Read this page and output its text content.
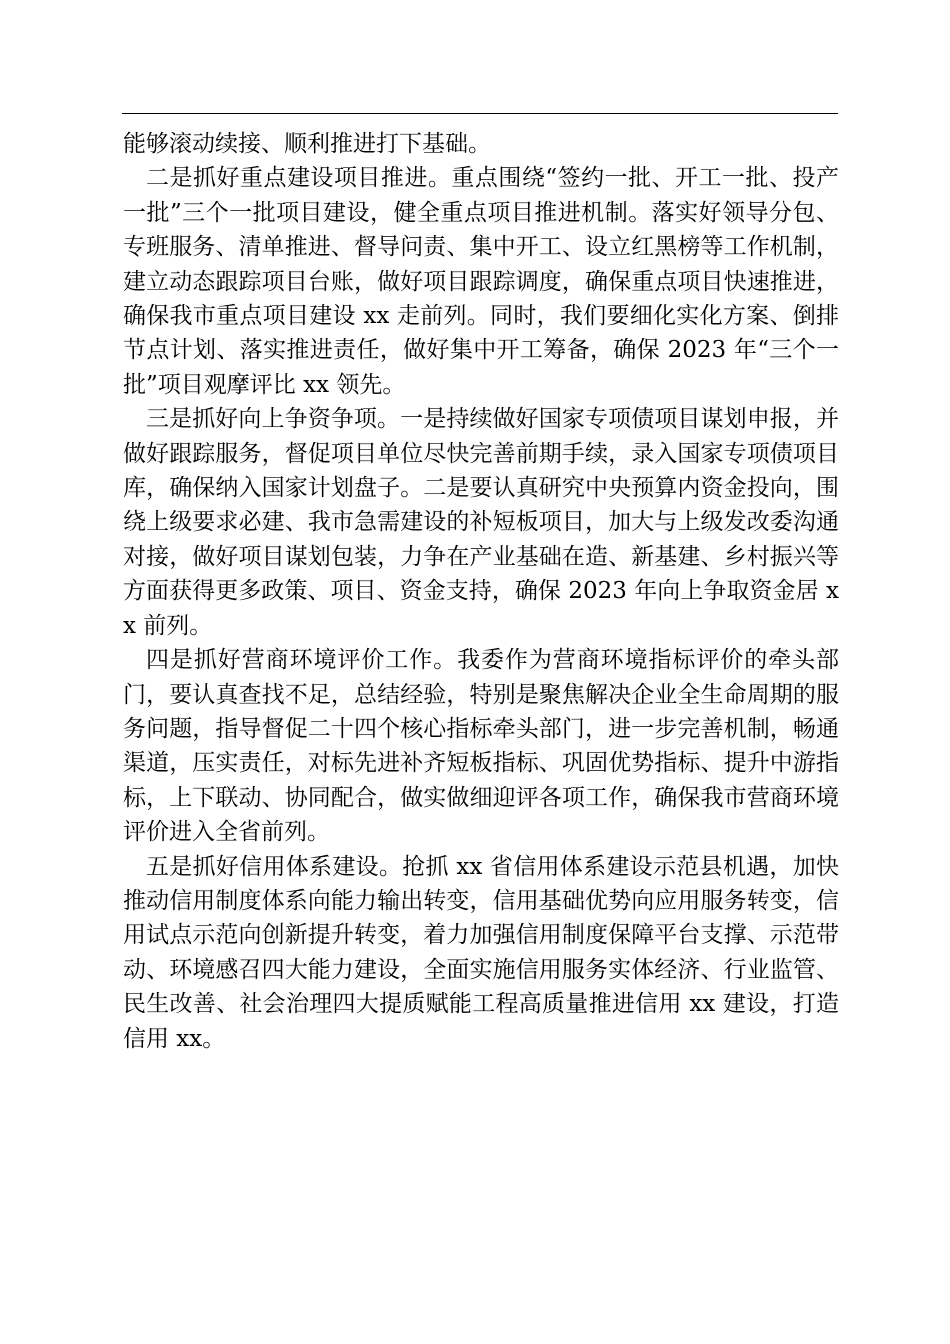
能够滚动续接、顺利推进打下基础。

二是抓好重点建设项目推进。重点围绕“签约一批、开工一批、投产一批”三个一批项目建设，健全重点项目推进机制。落实好领导分包、专班服务、清单推进、督导问责、集中开工、设立红黑榜等工作机制，建立动态跟踪项目台账，做好项目跟踪调度，确保重点项目快速推进，确保我市重点项目建设 xx 走前列。同时，我们要细化实化方案、倒排节点计划、落实推进责任，做好集中开工筹备，确保 2023 年“三个一批”项目观摩评比 xx 领先。

三是抓好向上争资争项。一是持续做好国家专项债项目谋划申报，并做好跟踪服务，督促项目单位尽快完善前期手续，录入国家专项债项目库，确保纳入国家计划盘子。二是要认真研究中央预算内资金投向，围绕上级要求必建、我市急需建设的补短板项目，加大与上级发改委沟通对接，做好项目谋划包装，力争在产业基础在造、新基建、乡村振兴等方面获得更多政策、项目、资金支持，确保 2023 年向上争取资金居 xx 前列。

四是抓好营商环境评价工作。我委作为营商环境指标评价的牵头部门，要认真查找不足，总结经验，特别是聚焦解决企业全生命周期的服务问题，指导督促二十四个核心指标牵头部门，进一步完善机制，畅通渠道，压实责任，对标先进补齐短板指标、巩固优势指标、提升中游指标，上下联动、协同配合，做实做细迎评各项工作，确保我市营商环境评价进入全省前列。

五是抓好信用体系建设。抢抓 xx 省信用体系建设示范县机遇，加快推动信用制度体系向能力输出转变，信用基础优势向应用服务转变，信用试点示范向创新提升转变，着力加强信用制度保障平台支撑、示范带动、环境感召四大能力建设，全面实施信用服务实体经济、行业监管、民生改善、社会治理四大提质赋能工程高质量推进信用 xx 建设，打造信用 xx。
